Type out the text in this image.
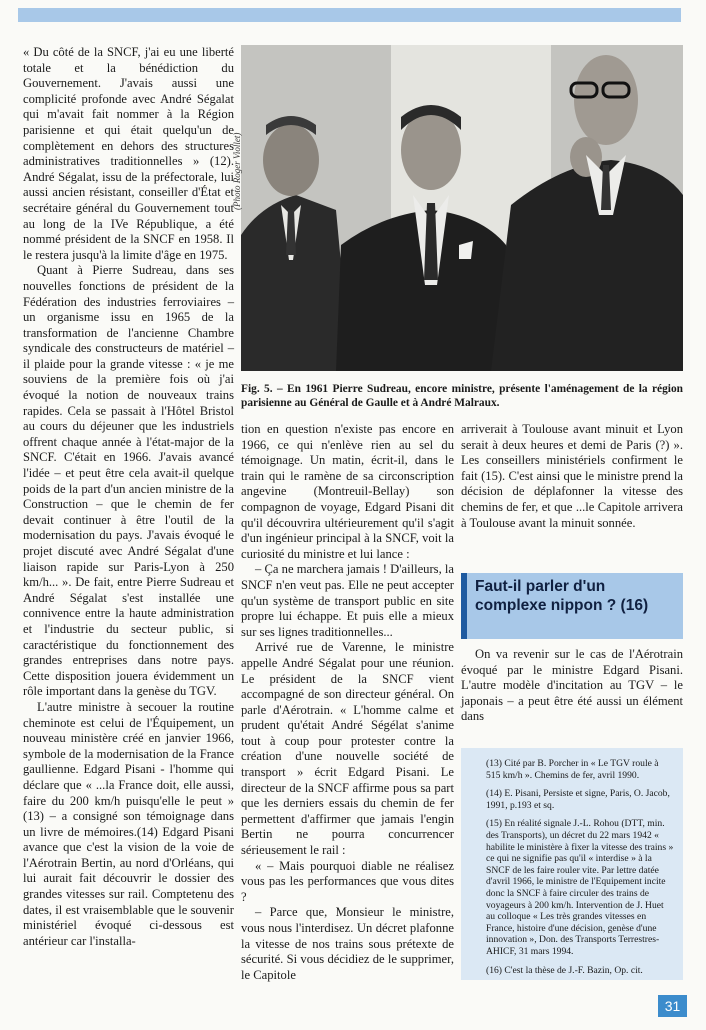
« Du côté de la SNCF, j'ai eu une liberté totale et la bénédiction du Gouvernement. J'avais aussi une complicité profonde avec André Ségalat qui m'avait fait nommer à la Région parisienne et qui était quelqu'un de complètement en dehors des structures administratives traditionnelles » (12). André Ségalat, issu de la préfectorale, lui aussi ancien résistant, conseiller d'État et secrétaire général du Gouvernement tout au long de la IVe République, a été nommé président de la SNCF en 1958. Il le restera jusqu'à la limite d'âge en 1975.

Quant à Pierre Sudreau, dans ses nouvelles fonctions de président de la Fédération des industries ferroviaires – un organisme issu en 1965 de la transformation de l'ancienne Chambre syndicale des constructeurs de matériel – il plaide pour la grande vitesse : « je me souviens de la première fois où j'ai évoqué la notion de nouveaux trains rapides. Cela se passait à l'Hôtel Bristol au cours du déjeuner que les industriels offrent chaque année à l'état-major de la SNCF. C'était en 1966. J'avais avancé l'idée – et peut être cela avait-il quelque poids de la part d'un ancien ministre de la Construction – que le chemin de fer devait continuer à être l'outil de la modernisation du pays. J'avais évoqué le projet discuté avec André Ségalat d'une liaison rapide sur Paris-Lyon à 250 km/h... ». De fait, entre Pierre Sudreau et André Ségalat s'est installée une connivence entre la haute administration et l'industrie du secteur public, si caractéristique du fonctionnement des grandes entreprises dans notre pays. Cette disposition jouera évidemment un rôle important dans la genèse du TGV.

L'autre ministre à secouer la routine cheminote est celui de l'Équipement, un nouveau ministère créé en janvier 1966, symbole de la modernisation de la France gaullienne. Edgard Pisani - l'homme qui déclare que « ...la France doit, elle aussi, faire du 200 km/h puisqu'elle le peut » (13) – a consigné son témoignage dans un livre de mémoires.(14) Edgard Pisani avance que c'est la vision de la voie de l'Aérotrain Bertin, au nord d'Orléans, qui lui aurait fait découvrir le dossier des grandes vitesses sur rail. Comptetenu des dates, il est vraisemblable que le souvenir ministériel évoqué ci-dessous est antérieur car l'installa-

(Photo Roger Viollet)
Fig. 5. – En 1961 Pierre Sudreau, encore ministre, présente l'aménagement de la région parisienne au Général de Gaulle et à André Malraux.

tion en question n'existe pas encore en 1966, ce qui n'enlève rien au sel du témoignage. Un matin, écrit-il, dans le train qui le ramène de sa circonscription angevine (Montreuil-Bellay) son compagnon de voyage, Edgard Pisani dit qu'il découvrira ultérieurement qu'il s'agit d'un ingénieur principal à la SNCF, voit la curiosité du ministre et lui lance :

– Ça ne marchera jamais ! D'ailleurs, la SNCF n'en veut pas. Elle ne peut accepter qu'un système de transport public en site propre lui échappe. Et puis elle a mieux sur ses lignes traditionnelles...

Arrivé rue de Varenne, le ministre appelle André Ségalat pour une réunion. Le président de la SNCF vient accompagné de son directeur général. On parle d'Aérotrain. « L'homme calme et prudent qu'était André Ségélat s'anime tout à coup pour protester contre la création d'une nouvelle société de transport » écrit Edgard Pisani. Le directeur de la SNCF affirme pous sa part que les derniers essais du chemin de fer permettent d'affirmer que jamais l'engin Bertin ne pourra concurrencer sérieusement le rail :

« – Mais pourquoi diable ne réalisez vous pas les performances que vous dites ?

– Parce que, Monsieur le ministre, vous nous l'interdisez. Un décret plafonne la vitesse de nos trains sous prétexte de sécurité. Si vous décidiez de le supprimer, le Capitole

arriverait à Toulouse avant minuit et Lyon serait à deux heures et demi de Paris (?) ». Les conseillers ministériels confirment le fait (15). C'est ainsi que le ministre prend la décision de déplafonner la vitesse des chemins de fer, et que ...le Capitole arrivera à Toulouse avant la minuit sonnée.

Faut-il parler d'un complexe nippon ? (16)

On va revenir sur le cas de l'Aérotrain évoqué par le ministre Edgard Pisani. L'autre modèle d'incitation au TGV – le japonais – a peut être été aussi un élément dans

(13) Cité par B. Porcher in « Le TGV roule à 515 km/h ». Chemins de fer, avril 1990.

(14) E. Pisani, Persiste et signe, Paris, O. Jacob, 1991, p.193 et sq.

(15) En réalité signale J.-L. Rohou (DTT, min. des Transports), un décret du 22 mars 1942 « habilite le ministère à fixer la vitesse des trains » ce qui ne signifie pas qu'il « interdise » à la SNCF de les faire rouler vite. Par lettre datée d'avril 1966, le ministre de l'Equipement incite donc la SNCF à faire circuler des trains de voyageurs à 200 km/h. Intervention de J. Huet au colloque « Les très grandes vitesses en France, histoire d'une décision, genèse d'une innovation », Don. des Transports Terrestres-AHICF, 31 mars 1994.

(16) C'est la thèse de J.-F. Bazin, Op. cit.

31
